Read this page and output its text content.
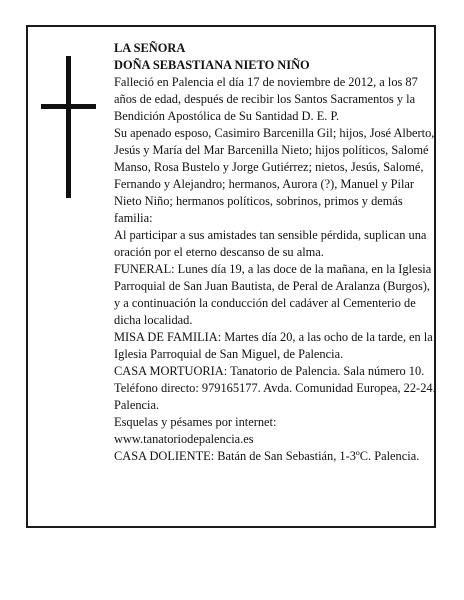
LA SEÑORA

DOÑA SEBASTIANA NIETO NIÑO

Falleció en Palencia el día 17 de noviembre de 2012, a los 87 años de edad, después de recibir los Santos Sacramentos y la Bendición Apostólica de Su Santidad D. E. P.

Su apenado esposo, Casimiro Barcenilla Gil; hijos, José Alberto, Jesús y María del Mar Barcenilla Nieto; hijos políticos, Salomé Manso, Rosa Bustelo y Jorge Gutiérrez; nietos, Jesús, Salomé, Fernando y Alejandro; hermanos, Aurora (?), Manuel y Pilar Nieto Niño; hermanos políticos, sobrinos, primos y demás familia:

Al participar a sus amistades tan sensible pérdida, suplican una oración por el eterno descanso de su alma.

FUNERAL: Lunes día 19, a las doce de la mañana, en la Iglesia Parroquial de San Juan Bautista, de Peral de Aralanza (Burgos), y a continuación la conducción del cadáver al Cementerio de dicha localidad.

MISA DE FAMILIA: Martes día 20, a las ocho de la tarde, en la Iglesia Parroquial de San Miguel, de Palencia.

CASA MORTUORIA: Tanatorio de Palencia. Sala número 10. Teléfono directo: 979165177. Avda. Comunidad Europea, 22-24. Palencia.

Esquelas y pésames por internet:

www.tanatoriodepalencia.es

CASA DOLIENTE: Batán de San Sebastián, 1-3ºC. Palencia.
